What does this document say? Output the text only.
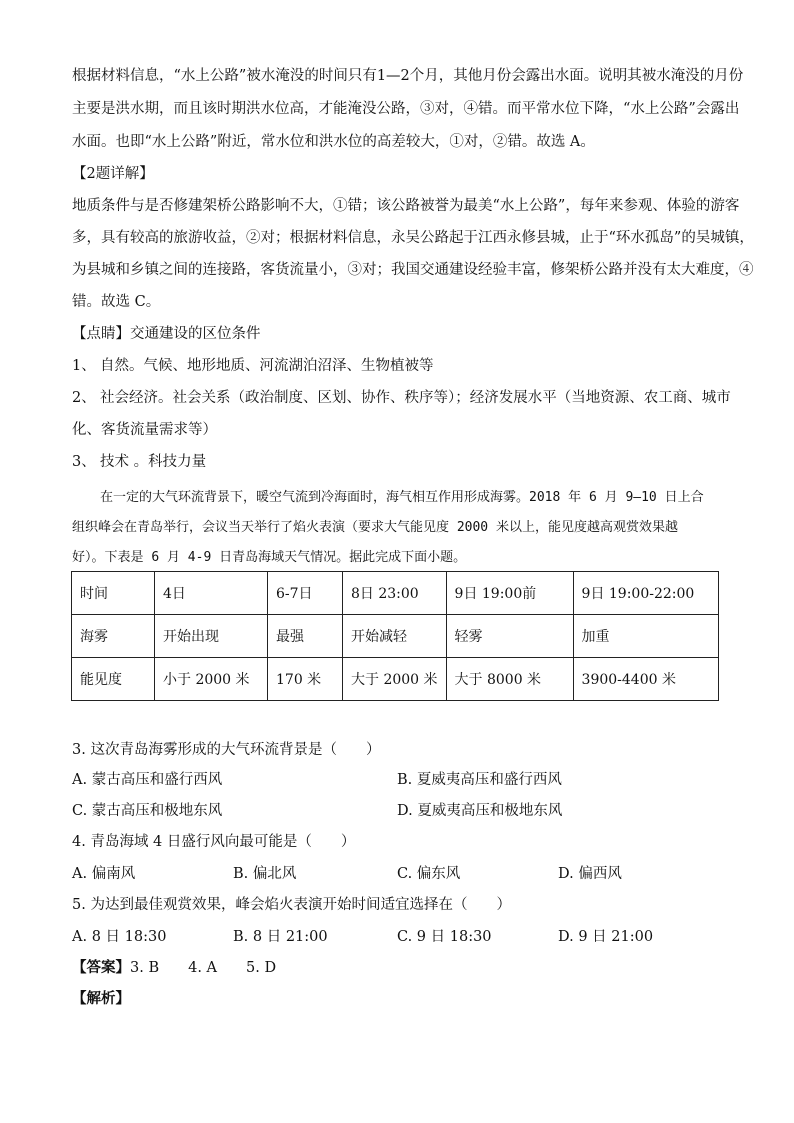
根据材料信息，“水上公路”被水淹没的时间只有1—2个月，其他月份会露出水面。说明其被水淹没的月份
主要是洪水期，而且该时期洪水位高，才能淹没公路，③对，④错。而平常水位下降，“水上公路”会露出
水面。也即“水上公路”附近，常水位和洪水位的高差较大，①对，②错。故选 A。
【2题详解】
地质条件与是否修建架桥公路影响不大，①错；该公路被誉为最美“水上公路”，每年来参观、体验的游客
多，具有较高的旅游收益，②对；根据材料信息，永吴公路起于江西永修县城，止于“环水孤岛”的吴城镇，
为县城和乡镇之间的连接路，客货流量小，③对；我国交通建设经验丰富，修架桥公路并没有太大难度，④
错。故选 C。
【点睛】交通建设的区位条件
1、 自然。气候、地形地质、河流湖泊沼泽、生物植被等
2、 社会经济。社会关系（政治制度、区划、协作、秩序等）；经济发展水平（当地资源、农工商、城市
化、客货流量需求等）
3、 技术 。科技力量
在一定的大气环流背景下，暖空气流到冷海面时，海气相互作用形成海雾。2018 年 6 月 9—10 日上合
组织峰会在青岛举行，会议当天举行了焰火表演（要求大气能见度 2000 米以上，能见度越高观赏效果越
好）。下表是 6 月 4-9 日青岛海域天气情况。据此完成下面小题。
时间	4日	6-7日	8日 23:00	9日 19:00前	9日 19:00-22:00
海雾	开始出现	最强	开始减轻	轻雾	加重
能见度	小于 2000 米	170 米	大于 2000 米	大于 8000 米	3900-4400 米
3. 这次青岛海雾形成的大气环流背景是（　　）
A. 蒙古高压和盛行西风	B. 夏威夷高压和盛行西风
C. 蒙古高压和极地东风	D. 夏威夷高压和极地东风
4. 青岛海域 4 日盛行风向最可能是（　　）
A. 偏南风	B. 偏北风	C. 偏东风	D. 偏西风
5. 为达到最佳观赏效果，峰会焰火表演开始时间适宜选择在（　　）
A. 8 日 18:30	B. 8 日 21:00	C. 9 日 18:30	D. 9 日 21:00
【答案】3. B　　4. A　　5. D
【解析】
